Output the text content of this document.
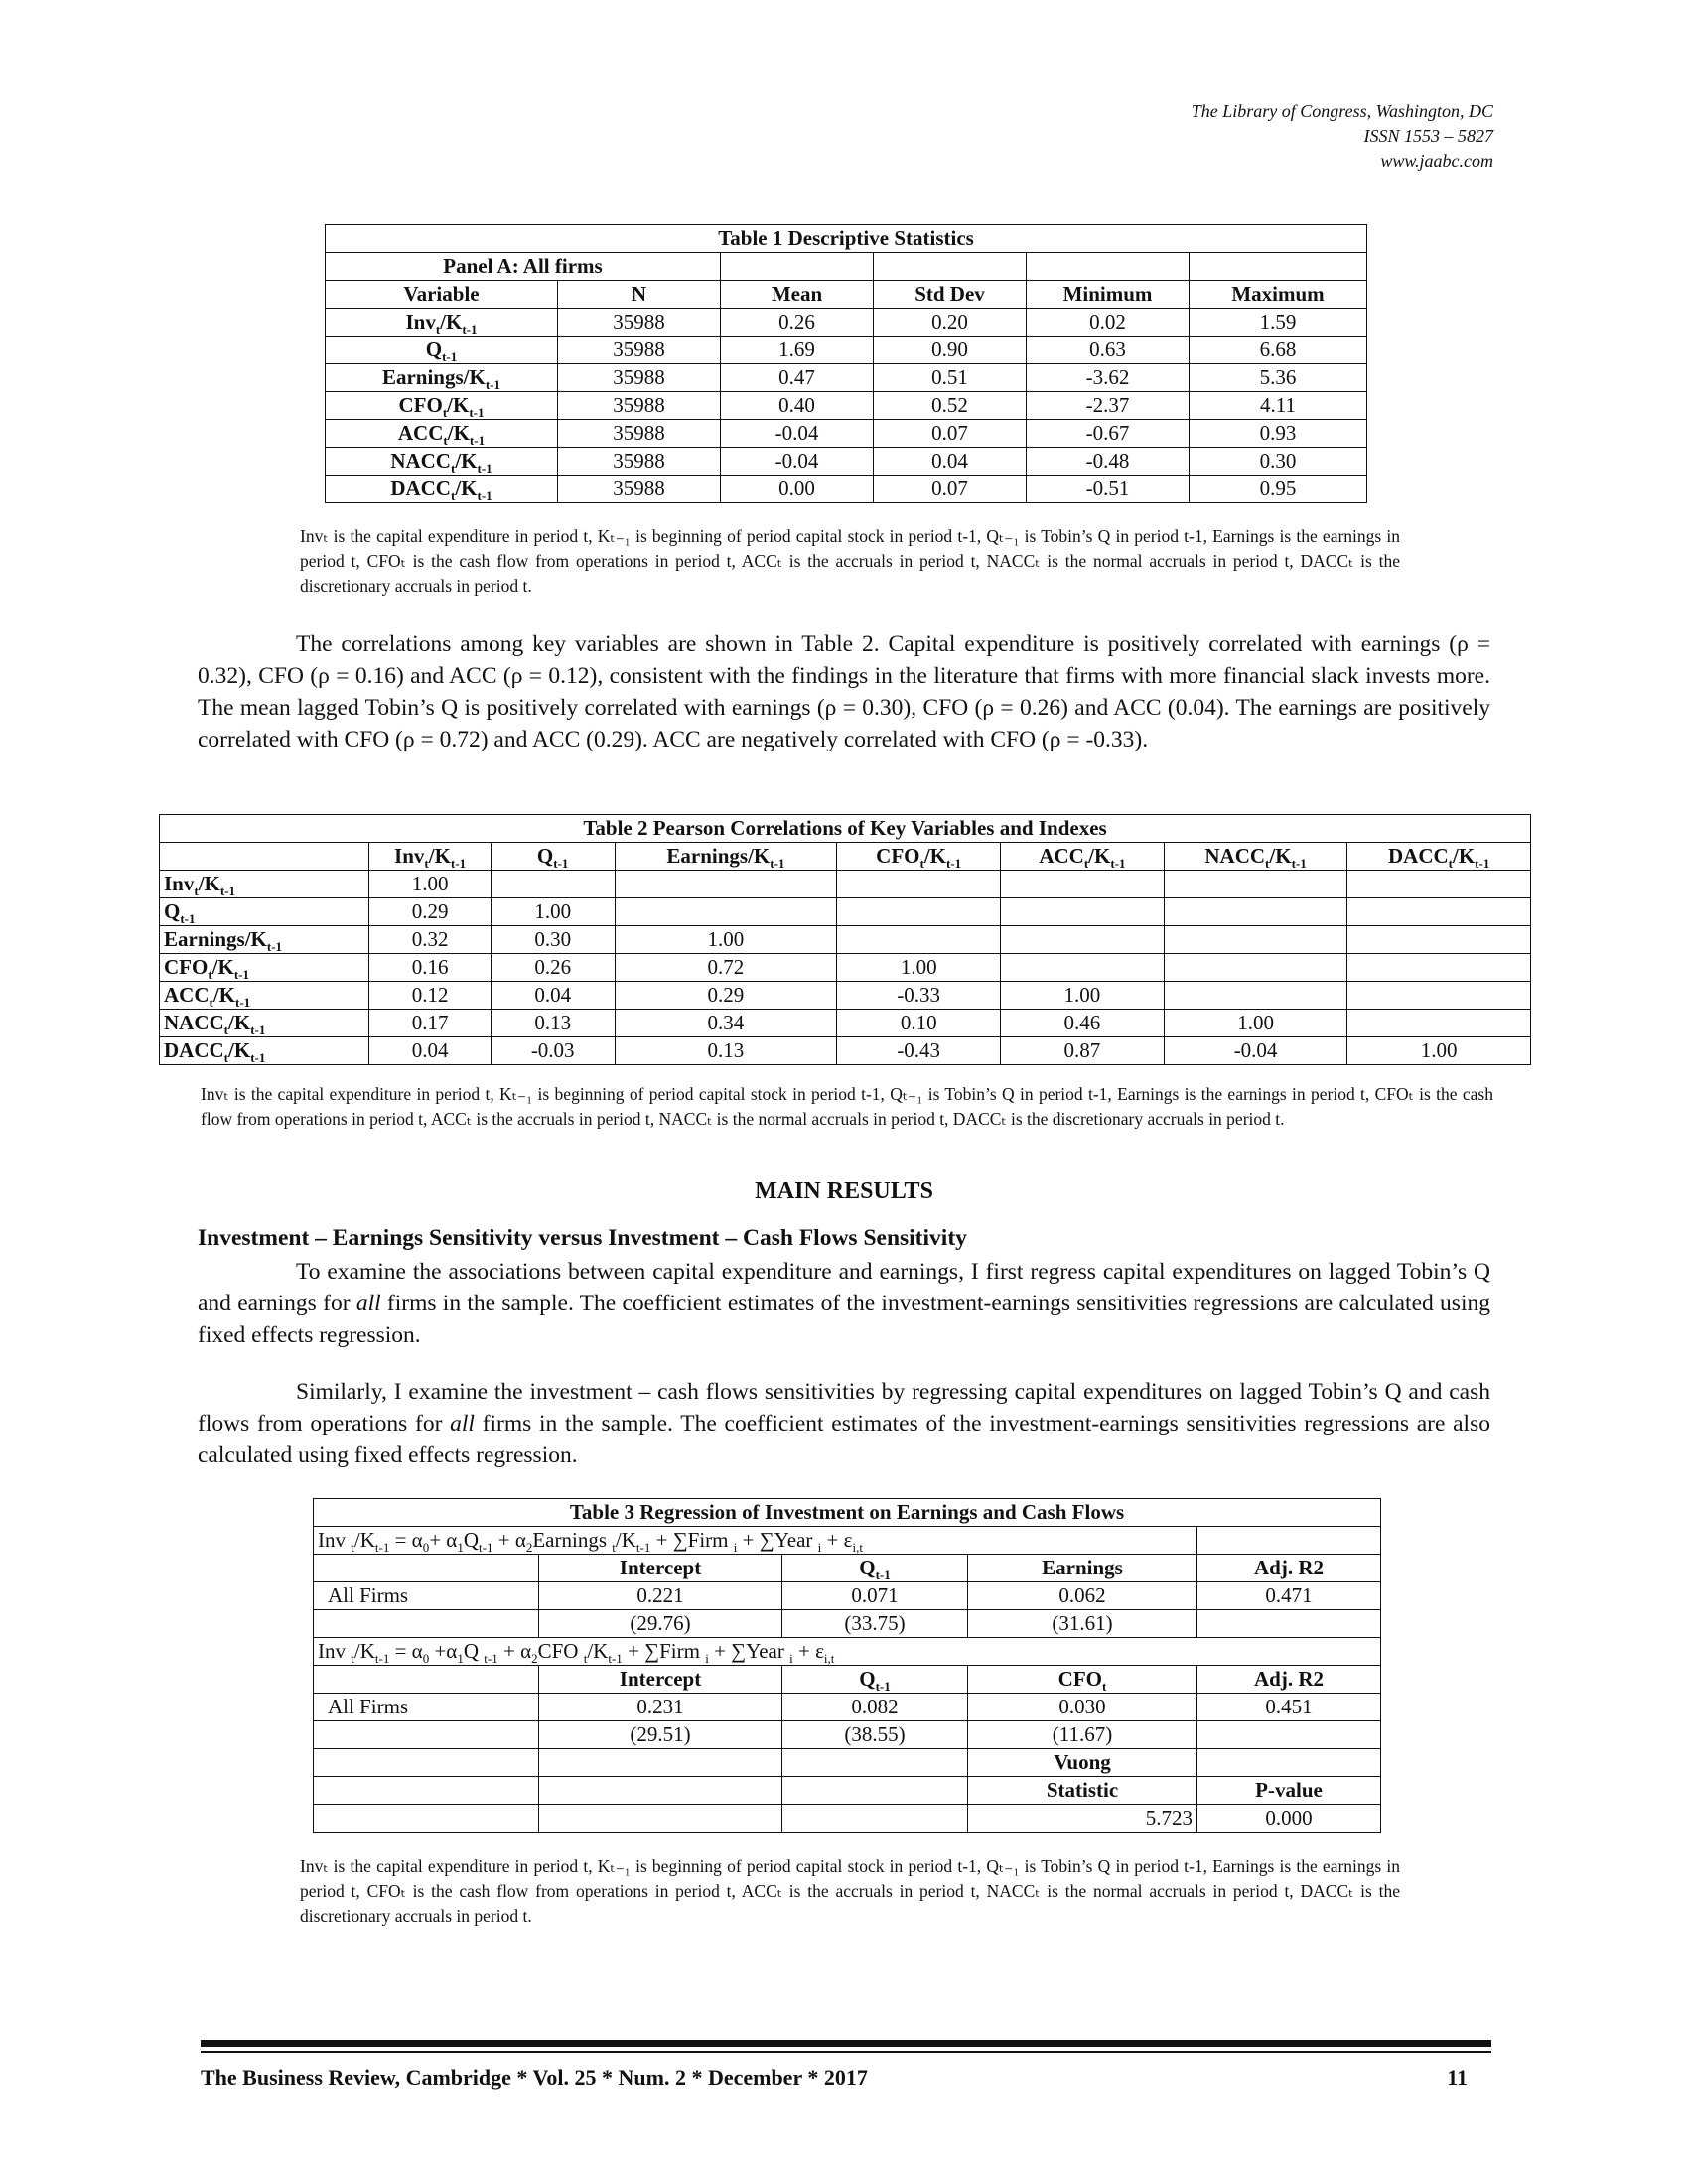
The Library of Congress, Washington, DC
ISSN 1553 – 5827
www.jaabc.com
Table 1 Descriptive Statistics					
Panel A: All firms					
Variable	N	Mean	Std Dev	Minimum	Maximum
$Inv_t/K_{t-1}$	35988	0.26	0.20	0.02	1.59
$Q_{t-1}$	35988	1.69	0.90	0.63	6.68
Earnings/$K_{t-1}$	35988	0.47	0.51	-3.62	5.36
$CFO_t/K_{t-1}$	35988	0.40	0.52	-2.37	4.11
$ACC_t/K_{t-1}$	35988	-0.04	0.07	-0.67	0.93
$NACC_t/K_{t-1}$	35988	-0.04	0.04	-0.48	0.30
$DACC_t/K_{t-1}$	35988	0.00	0.07	-0.51	0.95
Invₜ is the capital expenditure in period t, Kₜ₋₁ is beginning of period capital stock in period t-1, Qₜ₋₁ is Tobin’s Q in period t-1, Earnings is the earnings in period t, CFOₜ is the cash flow from operations in period t, ACCₜ is the accruals in period t, NACCₜ is the normal accruals in period t, DACCₜ is the discretionary accruals in period t.
The correlations among key variables are shown in Table 2. Capital expenditure is positively correlated with earnings (ρ = 0.32), CFO (ρ = 0.16) and ACC (ρ = 0.12), consistent with the findings in the literature that firms with more financial slack invests more. The mean lagged Tobin’s Q is positively correlated with earnings (ρ = 0.30), CFO (ρ = 0.26) and ACC (0.04). The earnings are positively correlated with CFO (ρ = 0.72) and ACC (0.29). ACC are negatively correlated with CFO (ρ = -0.33).
Table 2 Pearson Correlations of Key Variables and Indexes							
	$Inv_t/K_{t-1}$	$Q_{t-1}$	Earnings/$K_{t-1}$	$CFO_t/K_{t-1}$	$ACC_t/K_{t-1}$	$NACC_t/K_{t-1}$	$DACC_t/K_{t-1}$
$Inv_t/K_{t-1}$	1.00						
$Q_{t-1}$	0.29	1.00					
Earnings/$K_{t-1}$	0.32	0.30	1.00				
$CFO_t/K_{t-1}$	0.16	0.26	0.72	1.00			
$ACC_t/K_{t-1}$	0.12	0.04	0.29	-0.33	1.00		
$NACC_t/K_{t-1}$	0.17	0.13	0.34	0.10	0.46	1.00	
$DACC_t/K_{t-1}$	0.04	-0.03	0.13	-0.43	0.87	-0.04	1.00
Invₜ is the capital expenditure in period t, Kₜ₋₁ is beginning of period capital stock in period t-1, Qₜ₋₁ is Tobin’s Q in period t-1, Earnings is the earnings in period t, CFOₜ is the cash flow from operations in period t, ACCₜ is the accruals in period t, NACCₜ is the normal accruals in period t, DACCₜ is the discretionary accruals in period t.
MAIN RESULTS
Investment – Earnings Sensitivity versus Investment – Cash Flows Sensitivity
To examine the associations between capital expenditure and earnings, I first regress capital expenditures on lagged Tobin’s Q and earnings for all firms in the sample. The coefficient estimates of the investment-earnings sensitivities regressions are calculated using fixed effects regression.
Similarly, I examine the investment – cash flows sensitivities by regressing capital expenditures on lagged Tobin’s Q and cash flows from operations for all firms in the sample. The coefficient estimates of the investment-earnings sensitivities regressions are also calculated using fixed effects regression.
Table 3 Regression of Investment on Earnings and Cash Flows				
Inv $_t/K_{t-1} = \alpha_0+ \alpha_1Q_{t-1}$ + $\alpha_2Earnings$ $_t/K_{t-1}$ + ∑Firm $_i$ + ∑Year $_i + \varepsilon_{i,t}$	
	Intercept	$Q_{t-1}$	Earnings	Adj. R2
All Firms	0.221	0.071	0.062	0.471
	(29.76)	(33.75)	(31.61)	
Inv $_t/K_{t-1} = \alpha_0 +\alpha_1Q$ $_{t-1} + \alpha_2CFO$ $_t/K_{t-1}$ + ∑Firm $_i$ + ∑Year $_i + \varepsilon_{i,t}$
	Intercept	$Q_{t-1}$	$CFO_t$	Adj. R2
All Firms	0.231	0.082	0.030	0.451
	(29.51)	(38.55)	(11.67)	
			Vuong	
			Statistic	P-value
			5.723	0.000
Invₜ is the capital expenditure in period t, Kₜ₋₁ is beginning of period capital stock in period t-1, Qₜ₋₁ is Tobin’s Q in period t-1, Earnings is the earnings in period t, CFOₜ is the cash flow from operations in period t, ACCₜ is the accruals in period t, NACCₜ is the normal accruals in period t, DACCₜ is the discretionary accruals in period t.
The Business Review, Cambridge * Vol. 25 * Num. 2 * December * 2017	11
